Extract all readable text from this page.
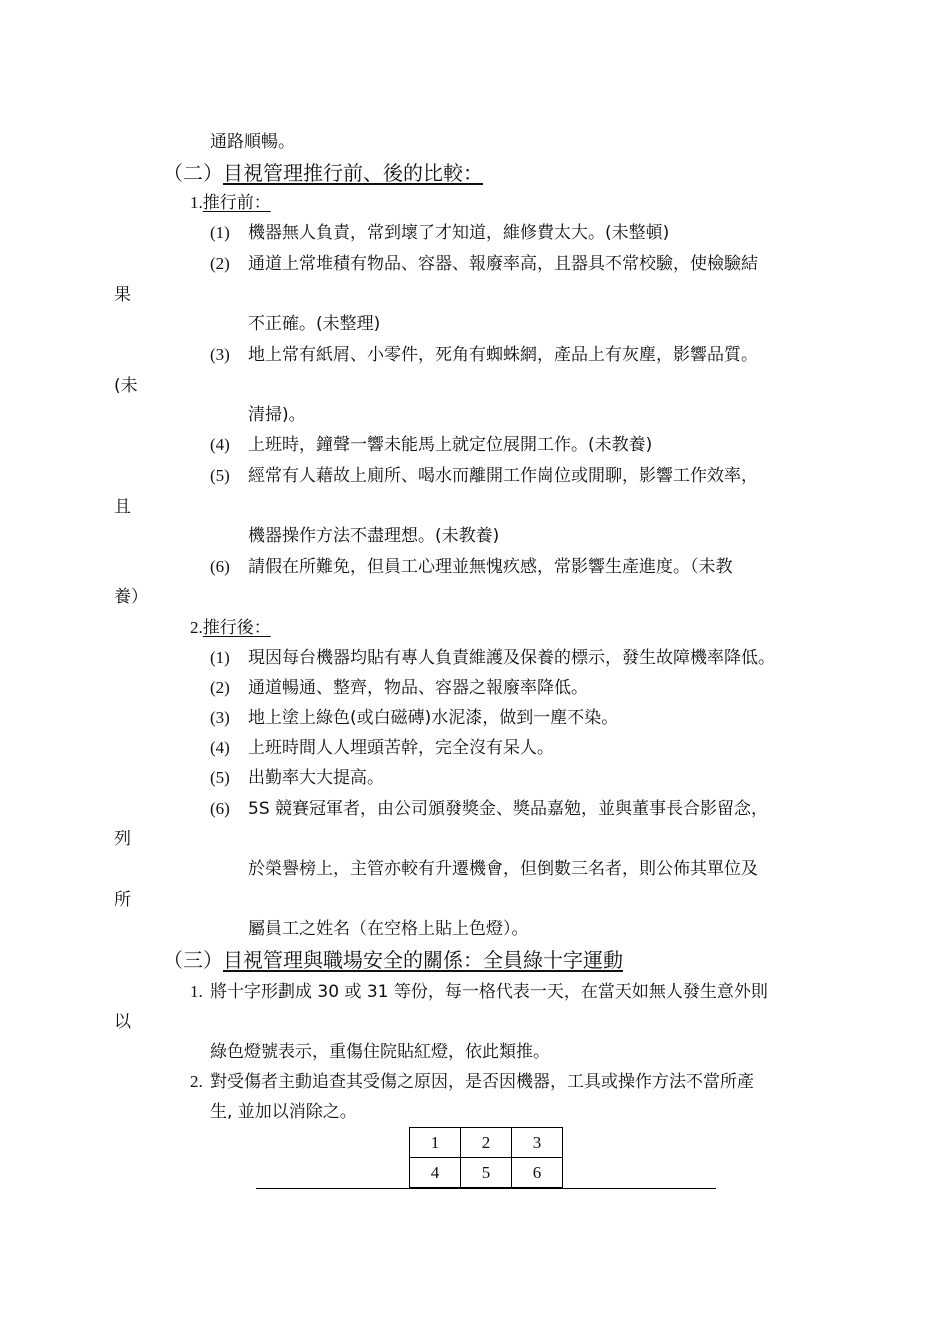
通路順暢。
（二）目視管理推行前、後的比較：
1.推行前：
(1) 機器無人負責，常到壞了才知道，維修費太大。(未整頓)
(2) 通道上常堆積有物品、容器、報廢率高，且器具不常校驗，使檢驗結
果
不正確。(未整理)
(3) 地上常有紙屑、小零件，死角有蜘蛛網，產品上有灰塵，影響品質。
(未
清掃)。
(4) 上班時，鐘聲一響未能馬上就定位展開工作。(未教養)
(5) 經常有人藉故上廁所、喝水而離開工作崗位或閒聊，影響工作效率，
且
機器操作方法不盡理想。(未教養)
(6) 請假在所難免，但員工心理並無愧疚感，常影響生產進度。（未教
養）
2.推行後：
(1) 現因每台機器均貼有專人負責維護及保養的標示，發生故障機率降低。
(2) 通道暢通、整齊，物品、容器之報廢率降低。
(3) 地上塗上綠色(或白磁磚)水泥漆，做到一塵不染。
(4) 上班時間人人埋頭苦幹，完全沒有呆人。
(5) 出勤率大大提高。
(6) 5S 競賽冠軍者，由公司頒發獎金、獎品嘉勉，並與董事長合影留念，
列
於榮譽榜上，主管亦較有升遷機會，但倒數三名者，則公佈其單位及
所
屬員工之姓名（在空格上貼上色燈）。
（三）目視管理與職場安全的關係：全員綠十字運動
1. 將十字形劃成 30 或 31 等份，每一格代表一天，在當天如無人發生意外則
以
綠色燈號表示，重傷住院貼紅燈，依此類推。
2. 對受傷者主動追查其受傷之原因，是否因機器，工具或操作方法不當所產
生, 並加以消除之。
1	2	3
4	5	6
